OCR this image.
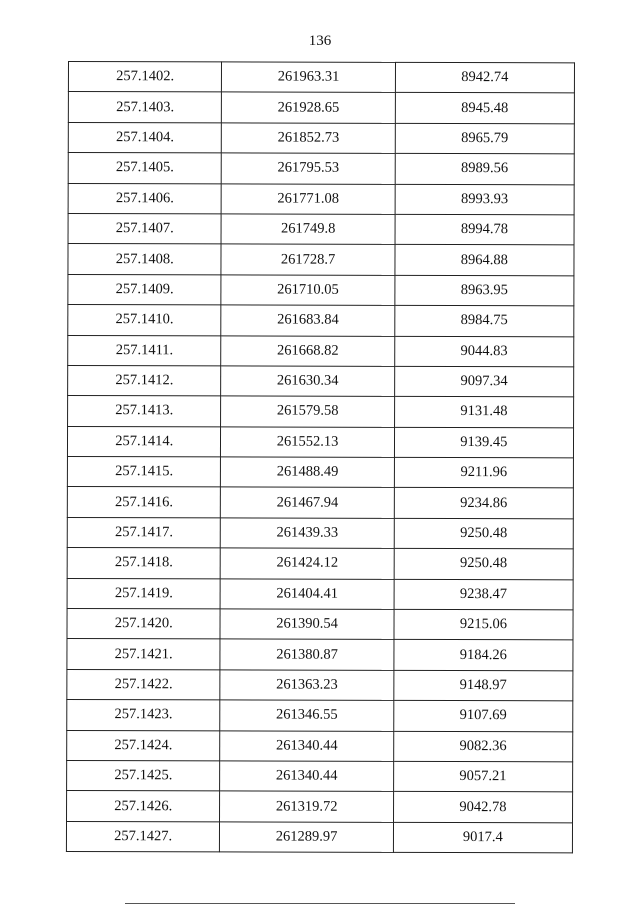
136
257.1402.	261963.31	8942.74
257.1403.	261928.65	8945.48
257.1404.	261852.73	8965.79
257.1405.	261795.53	8989.56
257.1406.	261771.08	8993.93
257.1407.	261749.8	8994.78
257.1408.	261728.7	8964.88
257.1409.	261710.05	8963.95
257.1410.	261683.84	8984.75
257.1411.	261668.82	9044.83
257.1412.	261630.34	9097.34
257.1413.	261579.58	9131.48
257.1414.	261552.13	9139.45
257.1415.	261488.49	9211.96
257.1416.	261467.94	9234.86
257.1417.	261439.33	9250.48
257.1418.	261424.12	9250.48
257.1419.	261404.41	9238.47
257.1420.	261390.54	9215.06
257.1421.	261380.87	9184.26
257.1422.	261363.23	9148.97
257.1423.	261346.55	9107.69
257.1424.	261340.44	9082.36
257.1425.	261340.44	9057.21
257.1426.	261319.72	9042.78
257.1427.	261289.97	9017.4
